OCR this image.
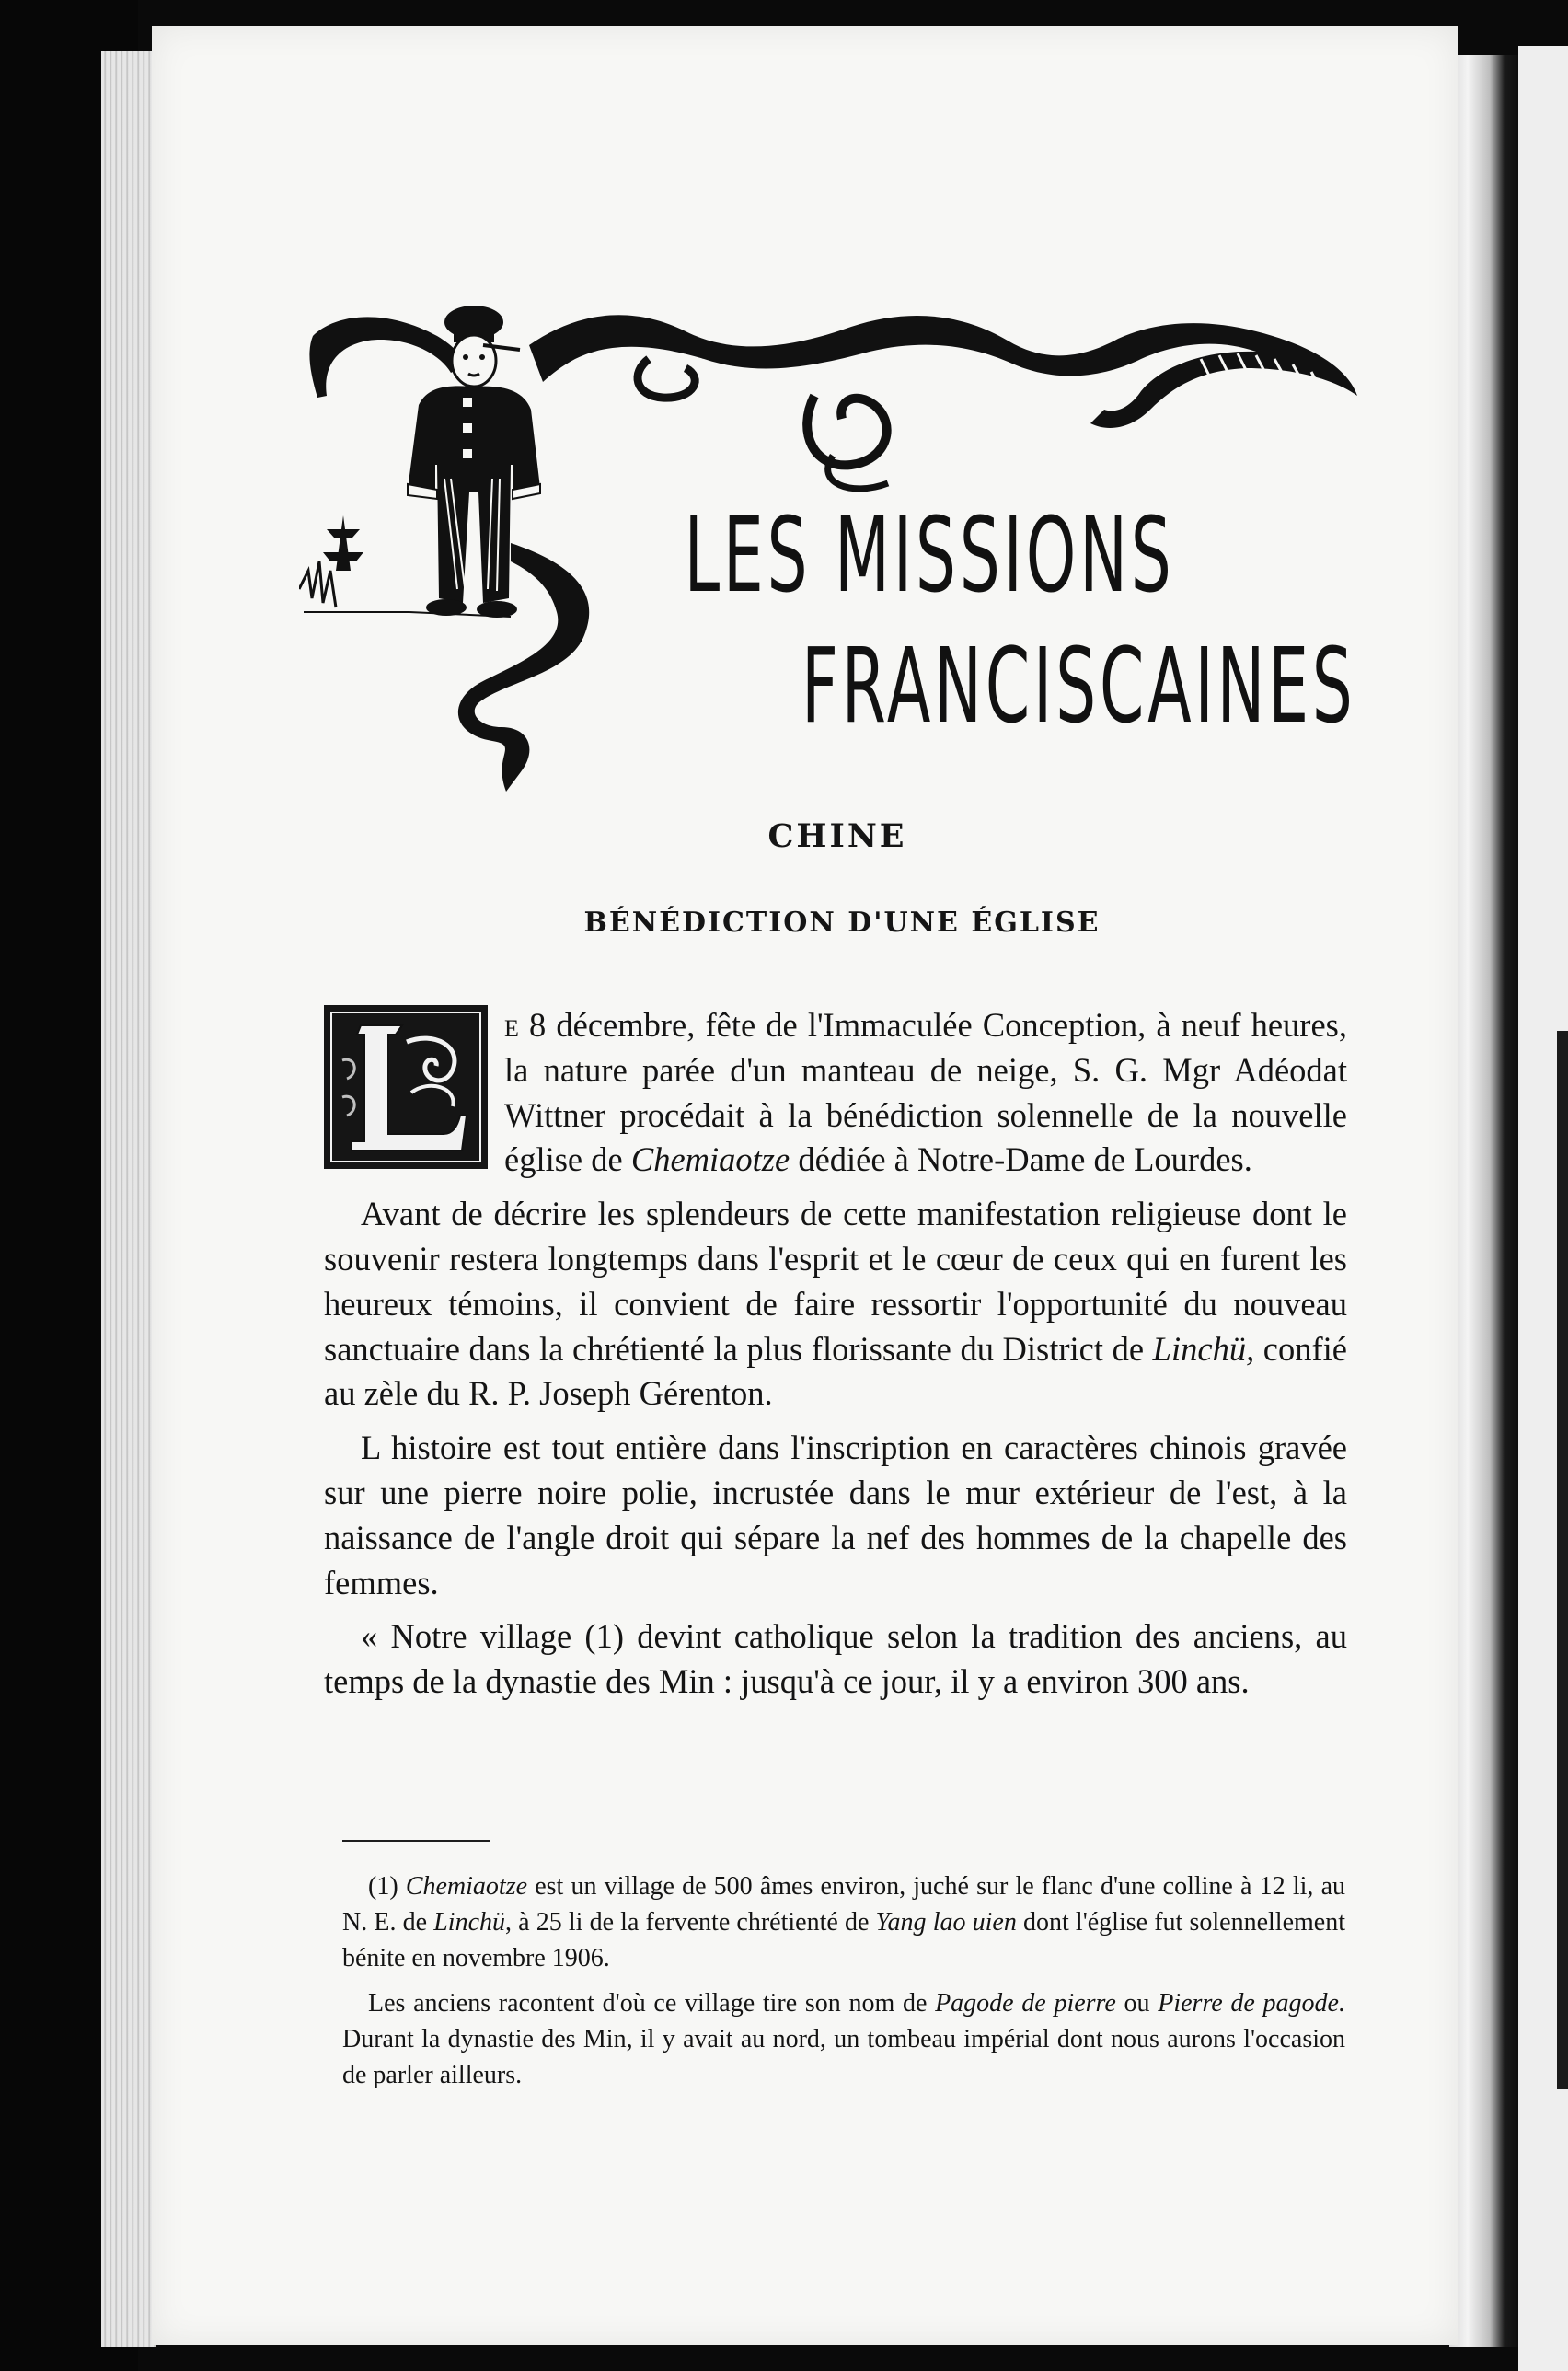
LES MISSIONS
FRANCISCAINES
CHINE
BÉNÉDICTION D'UNE ÉGLISE

e 8 décembre, fête de l'Immaculée Conception, à neuf heures, la nature parée d'un manteau de neige, S. G. Mgr Adéodat Wittner procédait à la bénédiction solennelle de la nouvelle église de Chemiaotze dédiée à Notre-Dame de Lourdes.

Avant de décrire les splendeurs de cette manifestation religieuse dont le souvenir restera longtemps dans l'esprit et le cœur de ceux qui en furent les heureux témoins, il convient de faire ressortir l'opportunité du nouveau sanctuaire dans la chrétienté la plus florissante du District de Linchü, confié au zèle du R. P. Joseph Gérenton.

L histoire est tout entière dans l'inscription en caractères chinois gravée sur une pierre noire polie, incrustée dans le mur extérieur de l'est, à la naissance de l'angle droit qui sépare la nef des hommes de la chapelle des femmes.

« Notre village (1) devint catholique selon la tradition des anciens, au temps de la dynastie des Min : jusqu'à ce jour, il y a environ 300 ans.

(1) Chemiaotze est un village de 500 âmes environ, juché sur le flanc d'une colline à 12 li, au N. E. de Linchü, à 25 li de la fervente chrétienté de Yang lao uien dont l'église fut solennellement bénite en novembre 1906.

Les anciens racontent d'où ce village tire son nom de Pagode de pierre ou Pierre de pagode. Durant la dynastie des Min, il y avait au nord, un tombeau impérial dont nous aurons l'occasion de parler ailleurs.
